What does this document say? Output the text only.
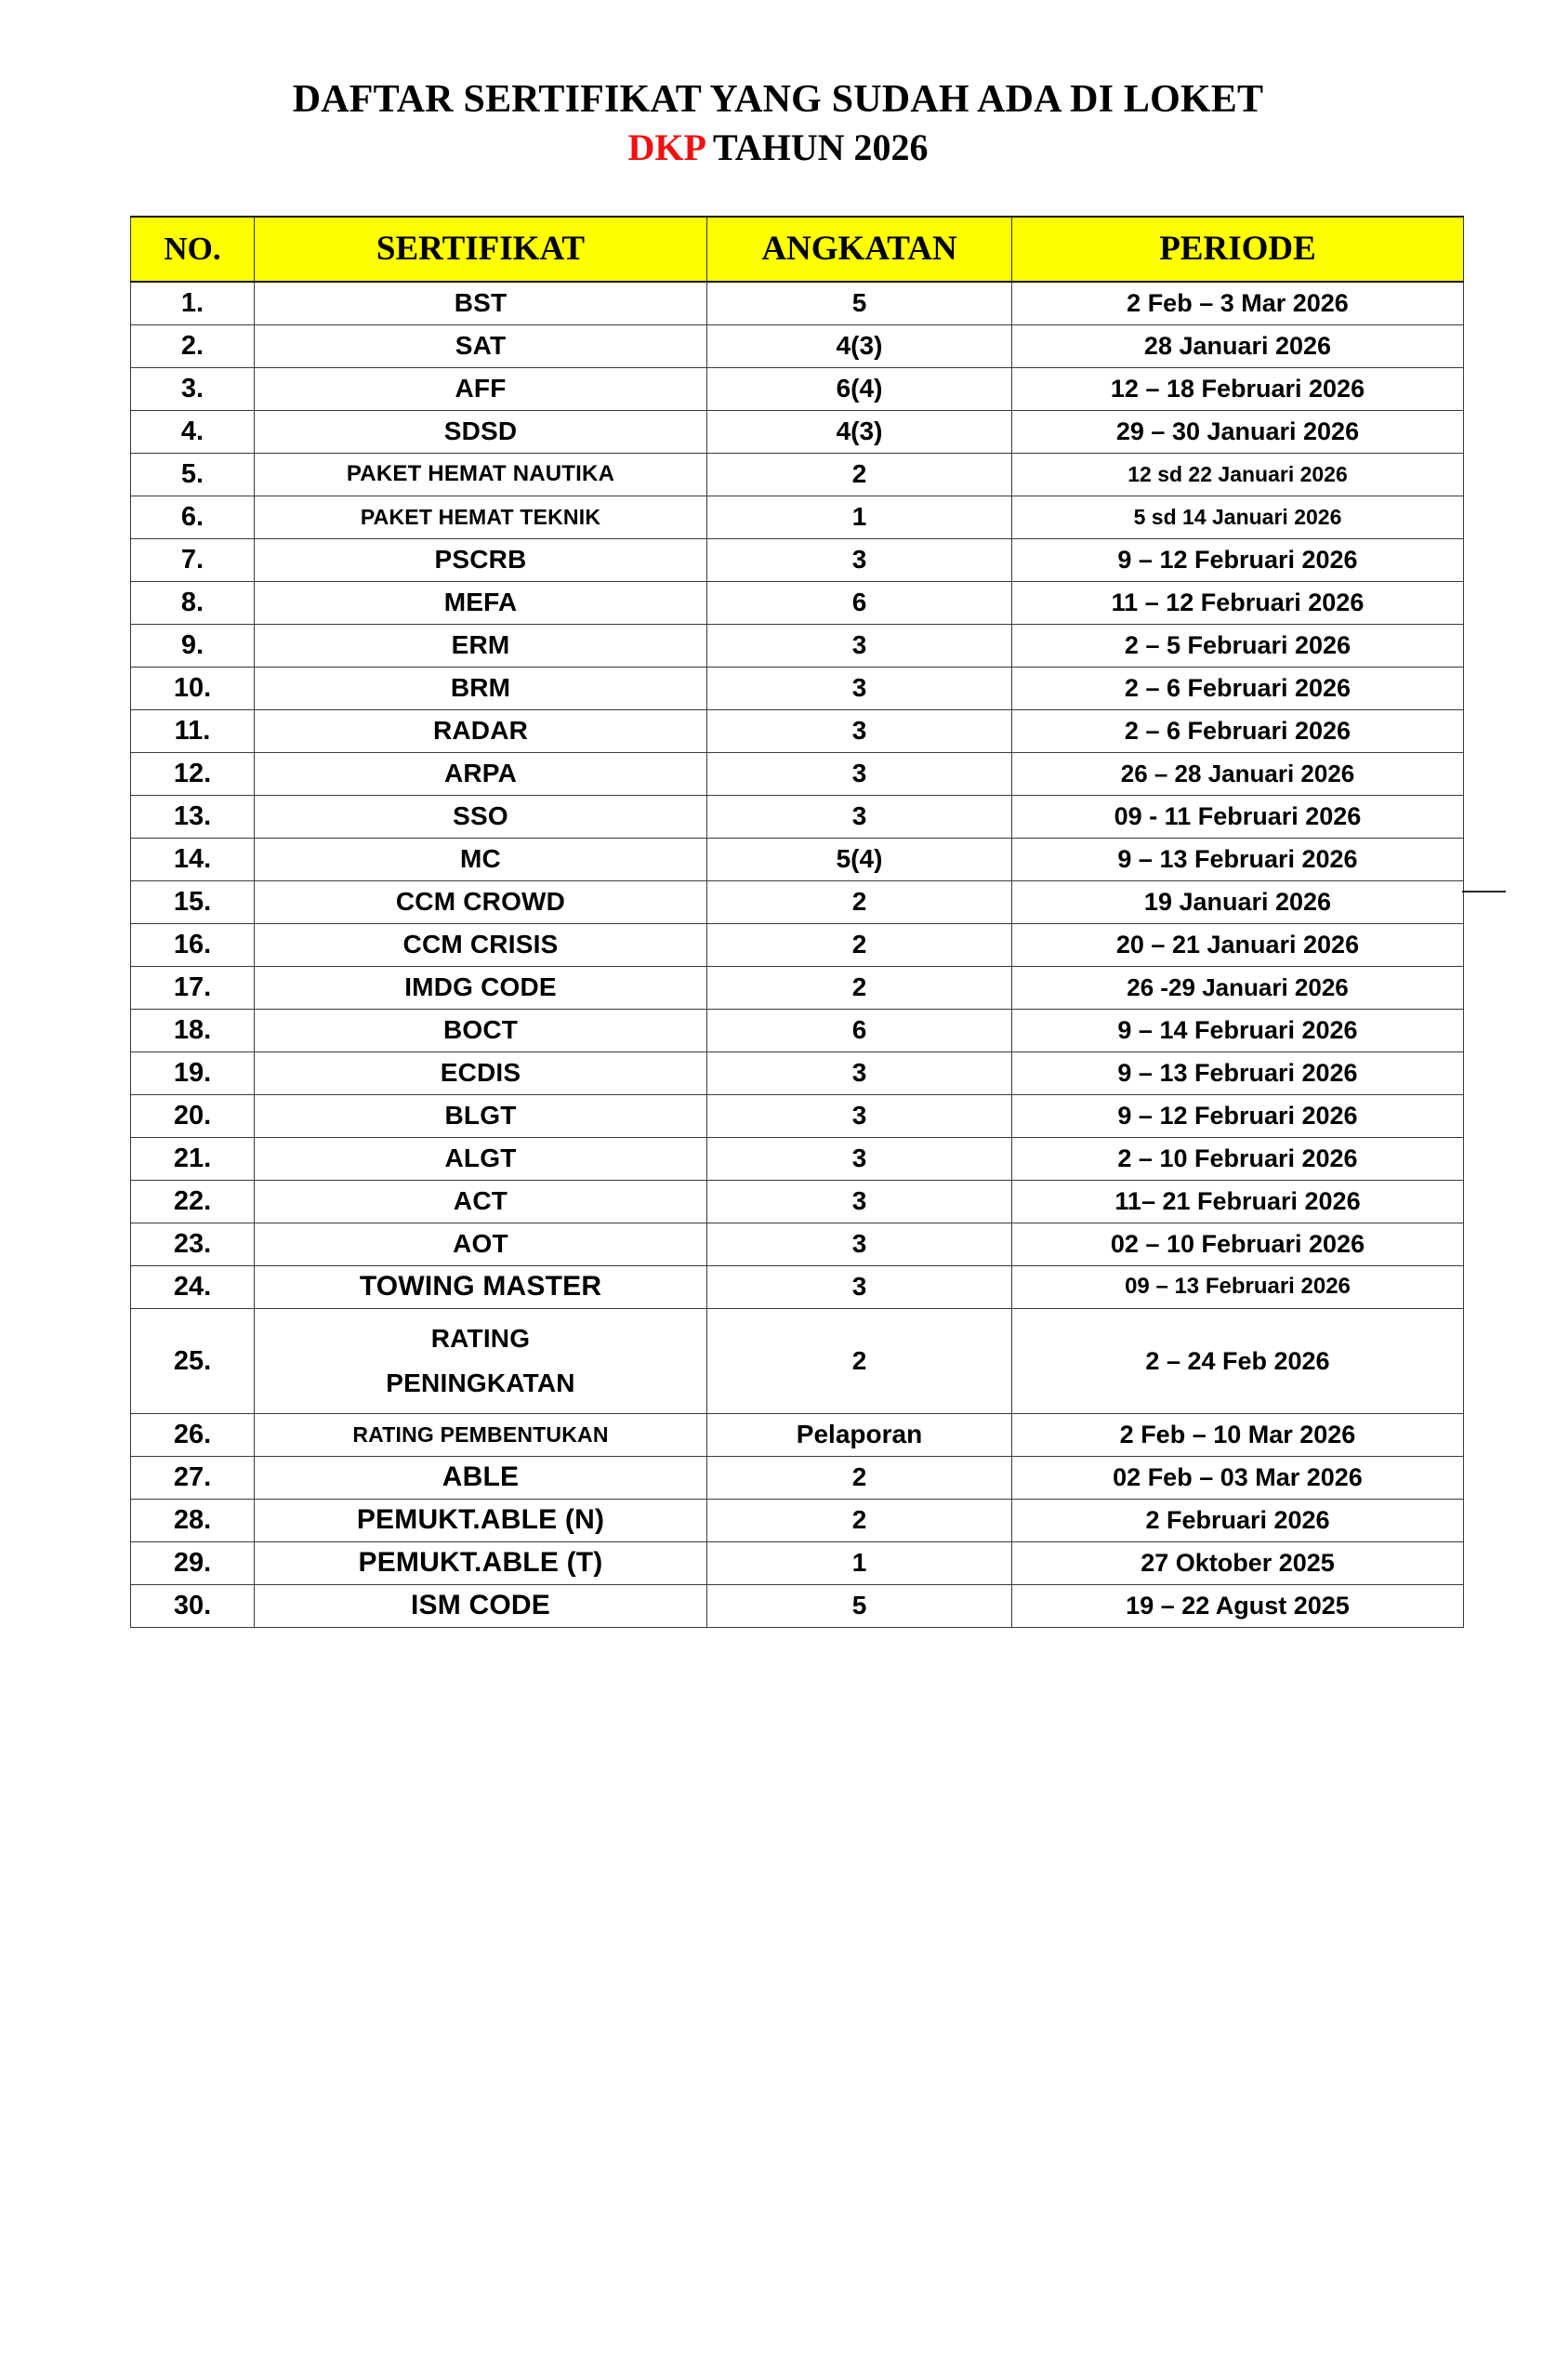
DAFTAR SERTIFIKAT YANG SUDAH ADA DI LOKET
DKP TAHUN 2026
NO.	SERTIFIKAT	ANGKATAN	PERIODE
1.	BST	5	2 Feb – 3 Mar 2026
2.	SAT	4(3)	28 Januari 2026
3.	AFF	6(4)	12 – 18 Februari 2026
4.	SDSD	4(3)	29 – 30 Januari 2026
5.	PAKET HEMAT NAUTIKA	2	12 sd 22 Januari 2026
6.	PAKET HEMAT TEKNIK	1	5 sd 14 Januari 2026
7.	PSCRB	3	9 – 12 Februari 2026
8.	MEFA	6	11 – 12 Februari 2026
9.	ERM	3	2 – 5 Februari 2026
10.	BRM	3	2 – 6 Februari 2026
11.	RADAR	3	2 – 6 Februari 2026
12.	ARPA	3	26 – 28 Januari 2026
13.	SSO	3	09 - 11 Februari 2026
14.	MC	5(4)	9 – 13 Februari 2026
15.	CCM CROWD	2	19 Januari 2026
16.	CCM CRISIS	2	20 – 21 Januari 2026
17.	IMDG CODE	2	26 -29 Januari 2026
18.	BOCT	6	9 – 14 Februari 2026
19.	ECDIS	3	9 – 13 Februari 2026
20.	BLGT	3	9 – 12 Februari 2026
21.	ALGT	3	2 – 10 Februari 2026
22.	ACT	3	11– 21 Februari 2026
23.	AOT	3	02 – 10 Februari 2026
24.	TOWING MASTER	3	09 – 13 Februari 2026
25.	RATING
PENINGKATAN	2	2 – 24 Feb 2026
26.	RATING PEMBENTUKAN	Pelaporan	2 Feb – 10 Mar 2026
27.	ABLE	2	02 Feb – 03 Mar 2026
28.	PEMUKT.ABLE (N)	2	2 Februari 2026
29.	PEMUKT.ABLE (T)	1	27 Oktober 2025
30.	ISM CODE	5	19 – 22 Agust 2025
